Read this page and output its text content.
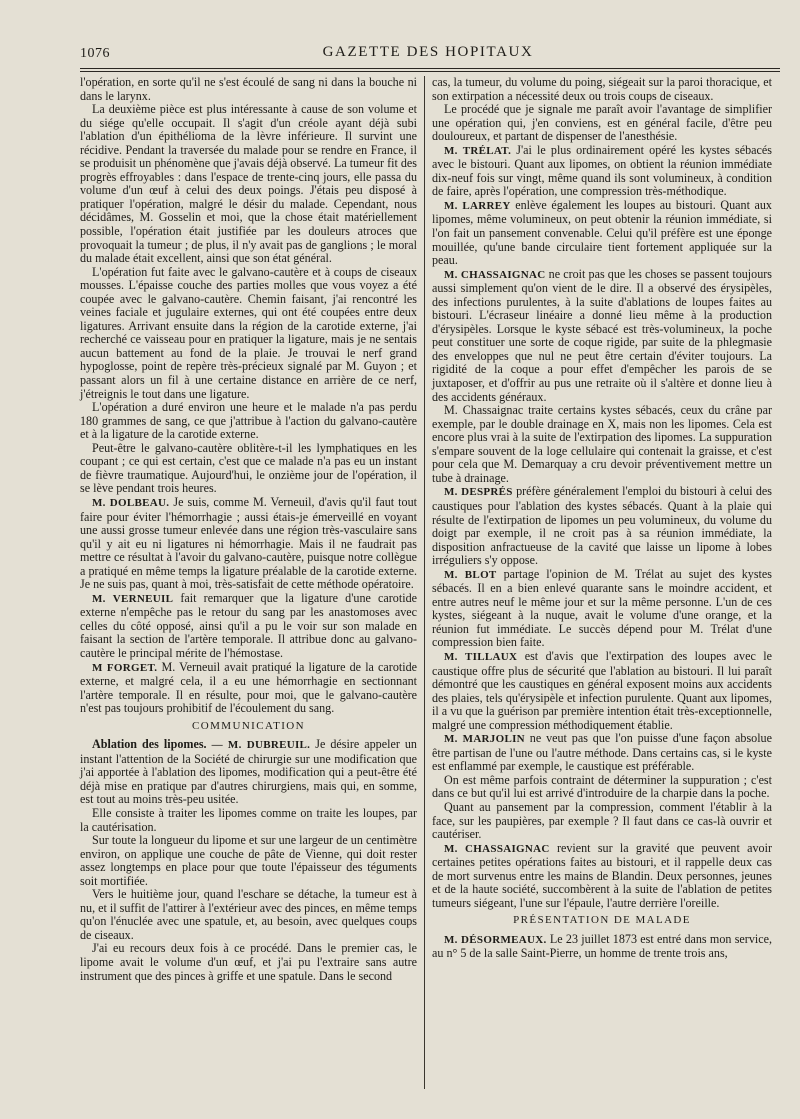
1076	GAZETTE DES HOPITAUX

l'opération, en sorte qu'il ne s'est écoulé de sang ni dans la bouche ni dans le larynx.

La deuxième pièce est plus intéressante à cause de son volume et du siége qu'elle occupait. Il s'agit d'un créole ayant déjà subi l'ablation d'un épithélioma de la lèvre inférieure. Il survint une récidive. Pendant la traversée du malade pour se rendre en France, il se produisit un phénomène que j'avais déjà observé. La tumeur fit des progrès effroyables : dans l'espace de trente-cinq jours, elle passa du volume d'un œuf à celui des deux poings. J'étais peu disposé à pratiquer l'opération, malgré le désir du malade. Cependant, nous décidâmes, M. Gosselin et moi, que la chose était matériellement possible, l'opération était justifiée par les douleurs atroces que provoquait la tumeur ; de plus, il n'y avait pas de ganglions ; le moral du malade était excellent, ainsi que son état général.

L'opération fut faite avec le galvano-cautère et à coups de ciseaux mousses. L'épaisse couche des parties molles que vous voyez a été coupée avec le galvano-cautère. Chemin faisant, j'ai rencontré les veines faciale et jugulaire externes, qui ont été coupées entre deux ligatures. Arrivant ensuite dans la région de la carotide externe, j'ai recherché ce vaisseau pour en pratiquer la ligature, mais je ne sentais aucun battement au fond de la plaie. Je trouvai le nerf grand hypoglosse, point de repère très-précieux signalé par M. Guyon ; et passant alors un fil à une certaine distance en arrière de ce nerf, j'étreignis le tout dans une ligature.

L'opération a duré environ une heure et le malade n'a pas perdu 180 grammes de sang, ce que j'attribue à l'action du galvano-cautère et à la ligature de la carotide externe.

Peut-être le galvano-cautère oblitère-t-il les lymphatiques en les coupant ; ce qui est certain, c'est que ce malade n'a pas eu un instant de fièvre traumatique. Aujourd'hui, le onzième jour de l'opération, il se lève pendant trois heures.

M. DOLBEAU. Je suis, comme M. Verneuil, d'avis qu'il faut tout faire pour éviter l'hémorrhagie ; aussi étais-je émerveillé en voyant une aussi grosse tumeur enlevée dans une région très-vasculaire sans qu'il y ait eu ni ligatures ni hémorrhagie. Mais il ne faudrait pas mettre ce résultat à l'avoir du galvano-cautère, puisque notre collègue a pratiqué en même temps la ligature préalable de la carotide externe. Je ne suis pas, quant à moi, très-satisfait de cette méthode opératoire.

M. VERNEUIL fait remarquer que la ligature d'une carotide externe n'empêche pas le retour du sang par les anastomoses avec celles du côté opposé, ainsi qu'il a pu le voir sur son malade en faisant la section de l'artère temporale. Il attribue donc au galvano-cautère le principal mérite de l'hémostase.

M FORGET. M. Verneuil avait pratiqué la ligature de la carotide externe, et malgré cela, il a eu une hémorrhagie en sectionnant l'artère temporale. Il en résulte, pour moi, que le galvano-cautère n'est pas toujours prohibitif de l'écoulement du sang.

COMMUNICATION

Ablation des lipomes. — M. DUBREUIL. Je désire appeler un instant l'attention de la Société de chirurgie sur une modification que j'ai apportée à l'ablation des lipomes, modification qui a peut-être été déjà mise en pratique par d'autres chirurgiens, mais qui, en somme, est tout au moins très-peu usitée.

Elle consiste à traiter les lipomes comme on traite les loupes, par la cautérisation.

Sur toute la longueur du lipome et sur une largeur de un centimètre environ, on applique une couche de pâte de Vienne, qui doit rester assez longtemps en place pour que toute l'épaisseur des téguments soit mortifiée.

Vers le huitième jour, quand l'eschare se détache, la tumeur est à nu, et il suffit de l'attirer à l'extérieur avec des pinces, en même temps qu'on l'énuclée avec une spatule, et, au besoin, avec quelques coups de ciseaux.

J'ai eu recours deux fois à ce procédé. Dans le premier cas, le lipome avait le volume d'un œuf, et j'ai pu l'extraire sans autre instrument que des pinces à griffe et une spatule. Dans le second

cas, la tumeur, du volume du poing, siégeait sur la paroi thoracique, et son extirpation a nécessité deux ou trois coups de ciseaux.

Le procédé que je signale me paraît avoir l'avantage de simplifier une opération qui, j'en conviens, est en général facile, d'être peu douloureux, et partant de dispenser de l'anesthésie.

M. TRÉLAT. J'ai le plus ordinairement opéré les kystes sébacés avec le bistouri. Quant aux lipomes, on obtient la réunion immédiate dix-neuf fois sur vingt, même quand ils sont volumineux, à condition de faire, après l'opération, une compression très-méthodique.

M. LARREY enlève également les loupes au bistouri. Quant aux lipomes, même volumineux, on peut obtenir la réunion immédiate, si l'on fait un pansement convenable. Celui qu'il préfère est une éponge mouillée, qu'une bande circulaire tient fortement appliquée sur la peau.

M. CHASSAIGNAC ne croit pas que les choses se passent toujours aussi simplement qu'on vient de le dire. Il a observé des érysipèles, des infections purulentes, à la suite d'ablations de loupes faites au bistouri. L'écraseur linéaire a donné lieu même à la production d'érysipèles. Lorsque le kyste sébacé est très-volumineux, la poche peut constituer une sorte de coque rigide, par suite de la phlegmasie des enveloppes que nul ne peut être certain d'éviter toujours. La rigidité de la coque a pour effet d'empêcher les parois de se juxtaposer, et d'offrir au pus une retraite où il s'altère et donne lieu à des accidents généraux.

M. Chassaignac traite certains kystes sébacés, ceux du crâne par exemple, par le double drainage en X, mais non les lipomes. Cela est encore plus vrai à la suite de l'extirpation des lipomes. La suppuration s'empare souvent de la loge cellulaire qui contenait la graisse, et c'est pour cela que M. Demarquay a cru devoir préventivement mettre un tube à drainage.

M. DESPRÉS préfère généralement l'emploi du bistouri à celui des caustiques pour l'ablation des kystes sébacés. Quant à la plaie qui résulte de l'extirpation de lipomes un peu volumineux, du volume du doigt par exemple, il ne croit pas à sa réunion immédiate, la disposition anfractueuse de la cavité que laisse un lipome à lobes irréguliers s'y oppose.

M. BLOT partage l'opinion de M. Trélat au sujet des kystes sébacés. Il en a bien enlevé quarante sans le moindre accident, et entre autres neuf le même jour et sur la même personne. L'un de ces kystes, siégeant à la nuque, avait le volume d'une orange, et la réunion fut immédiate. Le succès dépend pour M. Trélat d'une compression bien faite.

M. TILLAUX est d'avis que l'extirpation des loupes avec le caustique offre plus de sécurité que l'ablation au bistouri. Il lui paraît démontré que les caustiques en général exposent moins aux accidents des plaies, tels qu'érysipèle et infection purulente. Quant aux lipomes, il a vu que la guérison par première intention était très-exceptionnelle, malgré une compression méthodiquement établie.

M. MARJOLIN ne veut pas que l'on puisse d'une façon absolue être partisan de l'une ou l'autre méthode. Dans certains cas, si le kyste est enflammé par exemple, le caustique est préférable.

On est même parfois contraint de déterminer la suppuration ; c'est dans ce but qu'il lui est arrivé d'introduire de la charpie dans la poche.

Quant au pansement par la compression, comment l'établir à la face, sur les paupières, par exemple ? Il faut dans ce cas-là ouvrir et cautériser.

M. CHASSAIGNAC revient sur la gravité que peuvent avoir certaines petites opérations faites au bistouri, et il rappelle deux cas de mort survenus entre les mains de Blandin. Deux personnes, jeunes et de la haute société, succombèrent à la suite de l'ablation de petites tumeurs siégeant, l'une sur l'épaule, l'autre derrière l'oreille.

PRÉSENTATION DE MALADE

M. DÉSORMEAUX. Le 23 juillet 1873 est entré dans mon service, au n° 5 de la salle Saint-Pierre, un homme de trente trois ans,
